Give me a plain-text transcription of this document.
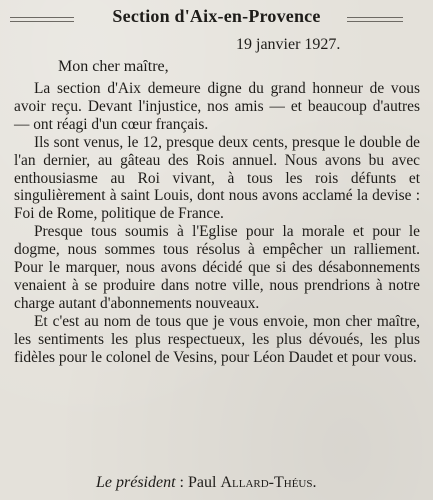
Section d'Aix-en-Provence
19 janvier 1927.
Mon cher maître,

La section d'Aix demeure digne du grand honneur de vous avoir reçu. Devant l'injustice, nos amis — et beaucoup d'autres — ont réagi d'un cœur français.

Ils sont venus, le 12, presque deux cents, presque le double de l'an dernier, au gâteau des Rois annuel. Nous avons bu avec enthousiasme au Roi vivant, à tous les rois défunts et singulièrement à saint Louis, dont nous avons acclamé la devise : Foi de Rome, politique de France.

Presque tous soumis à l'Eglise pour la morale et pour le dogme, nous sommes tous résolus à empêcher un ralliement. Pour le marquer, nous avons décidé que si des désabonnements venaient à se produire dans notre ville, nous prendrions à notre charge autant d'abonnements nouveaux.

Et c'est au nom de tous que je vous envoie, mon cher maître, les sentiments les plus respectueux, les plus dévoués, les plus fidèles pour le colonel de Vesins, pour Léon Daudet et pour vous.

Le président : Paul Allard-Théus.
